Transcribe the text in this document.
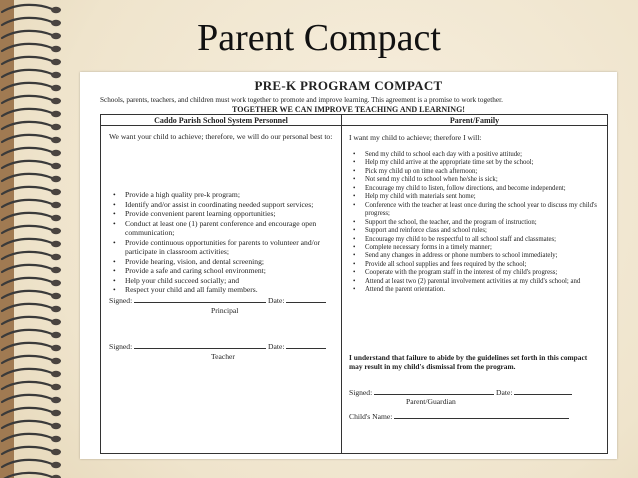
Parent Compact
PRE-K PROGRAM COMPACT
Schools, parents, teachers, and children must work together to promote and improve learning. This agreement is a promise to work together.
TOGETHER WE CAN IMPROVE TEACHING AND LEARNING!
Caddo Parish School System Personnel	Parent/Family
We want your child to achieve; therefore, we will do our personal best to:
• Provide a high quality pre-k program;
• Identify and/or assist in coordinating needed support services;
• Provide convenient parent learning opportunities;
• Conduct at least one (1) parent conference and encourage open communication;
• Provide continuous opportunities for parents to volunteer and/or participate in classroom activities;
• Provide hearing, vision, and dental screening;
• Provide a safe and caring school environment;
• Help your child succeed socially; and
• Respect your child and all family members.
Signed:	Date:
Principal
Signed:	Date:
Teacher
I want my child to achieve; therefore I will:
• Send my child to school each day with a positive attitude;
• Help my child arrive at the appropriate time set by the school;
• Pick my child up on time each afternoon;
• Not send my child to school when he/she is sick;
• Encourage my child to listen, follow directions, and become independent;
• Help my child with materials sent home;
• Conference with the teacher at least once during the school year to discuss my child's progress;
• Support the school, the teacher, and the program of instruction;
• Support and reinforce class and school rules;
• Encourage my child to be respectful to all school staff and classmates;
• Complete necessary forms in a timely manner;
• Send any changes in address or phone numbers to school immediately;
• Provide all school supplies and fees required by the school;
• Cooperate with the program staff in the interest of my child's progress;
• Attend at least two (2) parental involvement activities at my child's school; and
• Attend the parent orientation.
I understand that failure to abide by the guidelines set forth in this compact may result in my child's dismissal from the program.
Signed:	Date:
Parent/Guardian
Child's Name:
